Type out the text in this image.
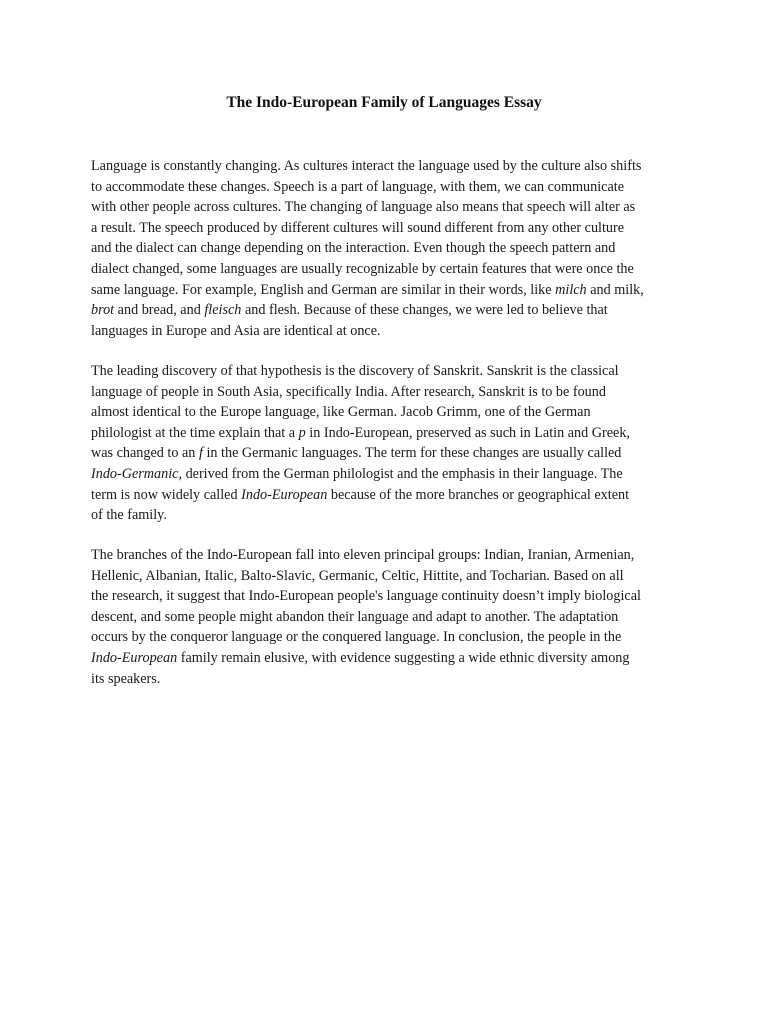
The Indo-European Family of Languages Essay
Language is constantly changing. As cultures interact the language used by the culture also shifts
to accommodate these changes. Speech is a part of language, with them, we can communicate
with other people across cultures. The changing of language also means that speech will alter as
a result. The speech produced by different cultures will sound different from any other culture
and the dialect can change depending on the interaction. Even though the speech pattern and
dialect changed, some languages are usually recognizable by certain features that were once the
same language. For example, English and German are similar in their words, like milch and milk,
brot and bread, and fleisch and flesh. Because of these changes, we were led to believe that
languages in Europe and Asia are identical at once.
The leading discovery of that hypothesis is the discovery of Sanskrit. Sanskrit is the classical
language of people in South Asia, specifically India. After research, Sanskrit is to be found
almost identical to the Europe language, like German. Jacob Grimm, one of the German
philologist at the time explain that a p in Indo-European, preserved as such in Latin and Greek,
was changed to an f in the Germanic languages. The term for these changes are usually called
Indo-Germanic, derived from the German philologist and the emphasis in their language. The
term is now widely called Indo-European because of the more branches or geographical extent
of the family.
The branches of the Indo-European fall into eleven principal groups: Indian, Iranian, Armenian,
Hellenic, Albanian, Italic, Balto-Slavic, Germanic, Celtic, Hittite, and Tocharian. Based on all
the research, it suggest that Indo-European people's language continuity doesn’t imply biological
descent, and some people might abandon their language and adapt to another. The adaptation
occurs by the conqueror language or the conquered language. In conclusion, the people in the
Indo-European family remain elusive, with evidence suggesting a wide ethnic diversity among
its speakers.
